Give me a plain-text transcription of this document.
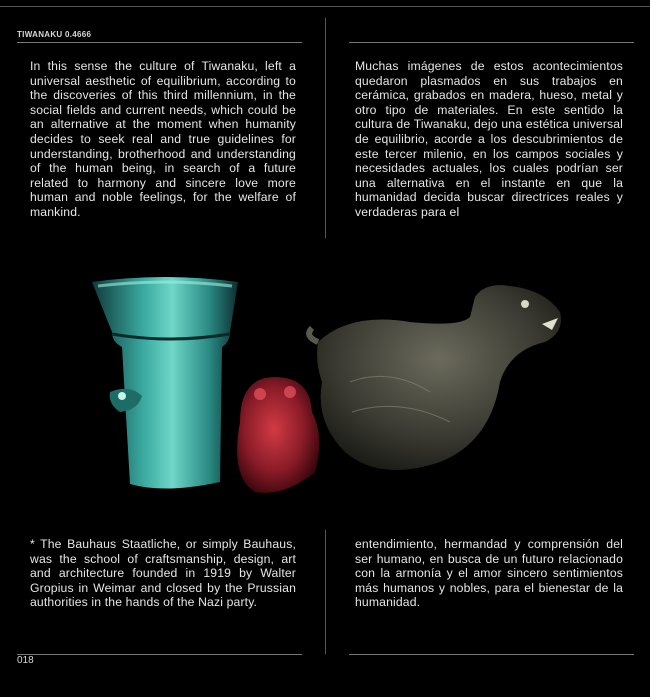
TIWANAKU 0.4666
In this sense the culture of Tiwanaku, left a universal aesthetic of equilibrium, according to the discoveries of this third millennium, in the social fields and current needs, which could be an alternative at the moment when humanity decides to seek real and true guidelines for understanding, brotherhood and understanding of the human being, in search of a future related to harmony and sincere love more human and noble feelings, for the welfare of mankind.
Muchas imágenes de estos acontecimientos quedaron plasmados en sus trabajos en cerámica, grabados en madera, hueso, metal y otro tipo de materiales. En este sentido la cultura de Tiwanaku, dejo una estética universal de equilibrio, acorde a los descubrimientos de este tercer milenio, en los campos sociales y necesidades actuales, los cuales podrían ser una alternativa en el instante en que la humanidad decida buscar directrices reales y verdaderas para el
* The Bauhaus Staatliche, or simply Bauhaus, was the school of craftsmanship, design, art and architecture founded in 1919 by Walter Gropius in Weimar and closed by the Prussian authorities in the hands of the Nazi party.
entendimiento, hermandad y comprensión del ser humano, en busca de un futuro relacionado con la armonía y el amor sincero sentimientos más humanos y nobles, para el bienestar de la humanidad.
018
